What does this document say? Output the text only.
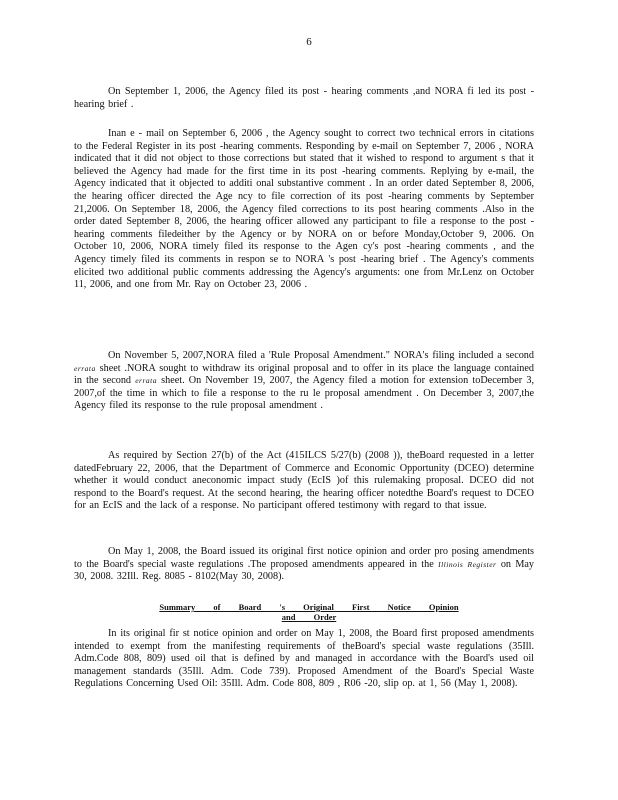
6

On September 1, 2006, the Agency filed its post - hearing comments ,and NORA fi led its post -hearing brief .

Inan e - mail on September 6, 2006 , the Agency sought to correct two technical errors in citations to the Federal Register in its post -hearing comments. Responding by e-mail on September 7, 2006 , NORA indicated that it did not object to those corrections but stated that it wished to respond to argument s that it believed the Agency had made for the first time in its post -hearing comments. Replying by e-mail, the Agency indicated that it objected to additi onal substantive comment . In an order dated September 8, 2006, the hearing officer directed the Age ncy to file correction of its post -hearing comments by September 21,2006. On September 18, 2006, the Agency filed corrections to its post hearing comments .Also in the order dated September 8, 2006, the hearing officer allowed any participant to file a response to the post - hearing comments filedeither by the Agency or by NORA on or before Monday,October 9, 2006. On October 10, 2006, NORA timely filed its response to the Agen cy's post -hearing comments , and the Agency timely filed its comments in respon se to NORA 's post -hearing brief . The Agency's comments elicited two additional public comments addressing the Agency's arguments: one from Mr.Lenz on October 11, 2006, and one from Mr. Ray on October 23, 2006 .

On November 5, 2007,NORA filed a 'Rule Proposal Amendment." NORA's filing included a second errata sheet .NORA sought to withdraw its original proposal and to offer in its place the language contained in the second errata sheet. On November 19, 2007, the Agency filed a motion for extension toDecember 3, 2007,of the time in which to file a response to the ru le proposal amendment . On December 3, 2007,the Agency filed its response to the rule proposal amendment .

As required by Section 27(b) of the Act (415ILCS 5/27(b) (2008 )), theBoard requested in a letter datedFebruary 22, 2006, that the Department of Commerce and Economic Opportunity (DCEO) determine whether it would conduct aneconomic impact study (EcIS )of this rulemaking proposal. DCEO did not respond to the Board's request. At the second hearing, the hearing officer notedthe Board's request to DCEO for an EcIS and the lack of a response. No participant offered testimony with regard to that issue.

On May 1, 2008, the Board issued its original first notice opinion and order pro posing amendments to the Board's special waste regulations .The proposed amendments appeared in the Illinois Register on May 30, 2008. 32Ill. Reg. 8085 - 8102(May 30, 2008).

Summary of Board 's Original First Notice Opinion and Order

In its original fir st notice opinion and order on May 1, 2008, the Board first proposed amendments intended to exempt from the manifesting requirements of theBoard's special waste regulations (35Ill. Adm.Code 808, 809) used oil that is defined by and managed in accordance with the Board's used oil management standards (35Ill. Adm. Code 739). Proposed Amendment of the Board's Special Waste Regulations Concerning Used Oil: 35Ill. Adm. Code 808, 809 , R06 -20, slip op. at 1, 56 (May 1, 2008).
